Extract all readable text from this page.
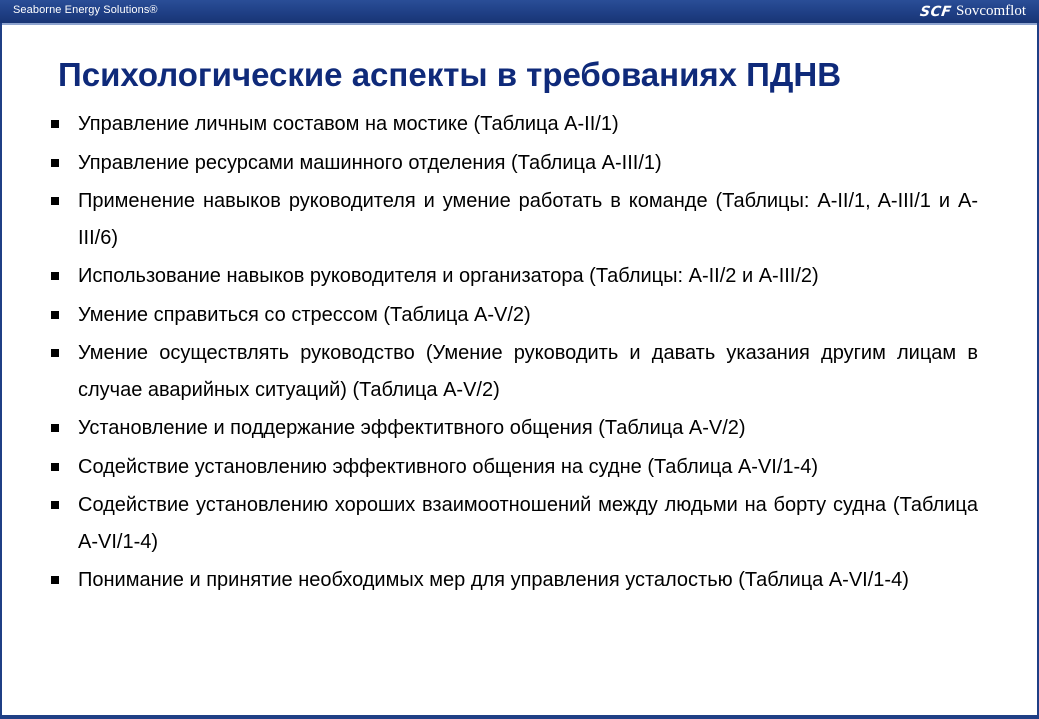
Seaborne Energy Solutions®	SCF Sovcomflot
Психологические аспекты в требованиях ПДНВ
Управление личным составом на мостике (Таблица A-II/1)
Управление ресурсами машинного отделения (Таблица A-III/1)
Применение навыков руководителя и умение работать в команде (Таблицы: A-II/1, A-III/1 и A-III/6)
Использование навыков руководителя и организатора (Таблицы: A-II/2 и A-III/2)
Умение справиться со стрессом (Таблица A-V/2)
Умение осуществлять руководство (Умение руководить и давать указания другим лицам в случае аварийных ситуаций) (Таблица A-V/2)
Установление и поддержание эффектитвного общения (Таблица A-V/2)
Содействие установлению эффективного общения на судне (Таблица A-VI/1-4)
Содействие установлению хороших взаимоотношений между людьми на борту судна (Таблица A-VI/1-4)
Понимание и принятие необходимых мер для управления усталостью (Таблица A-VI/1-4)
